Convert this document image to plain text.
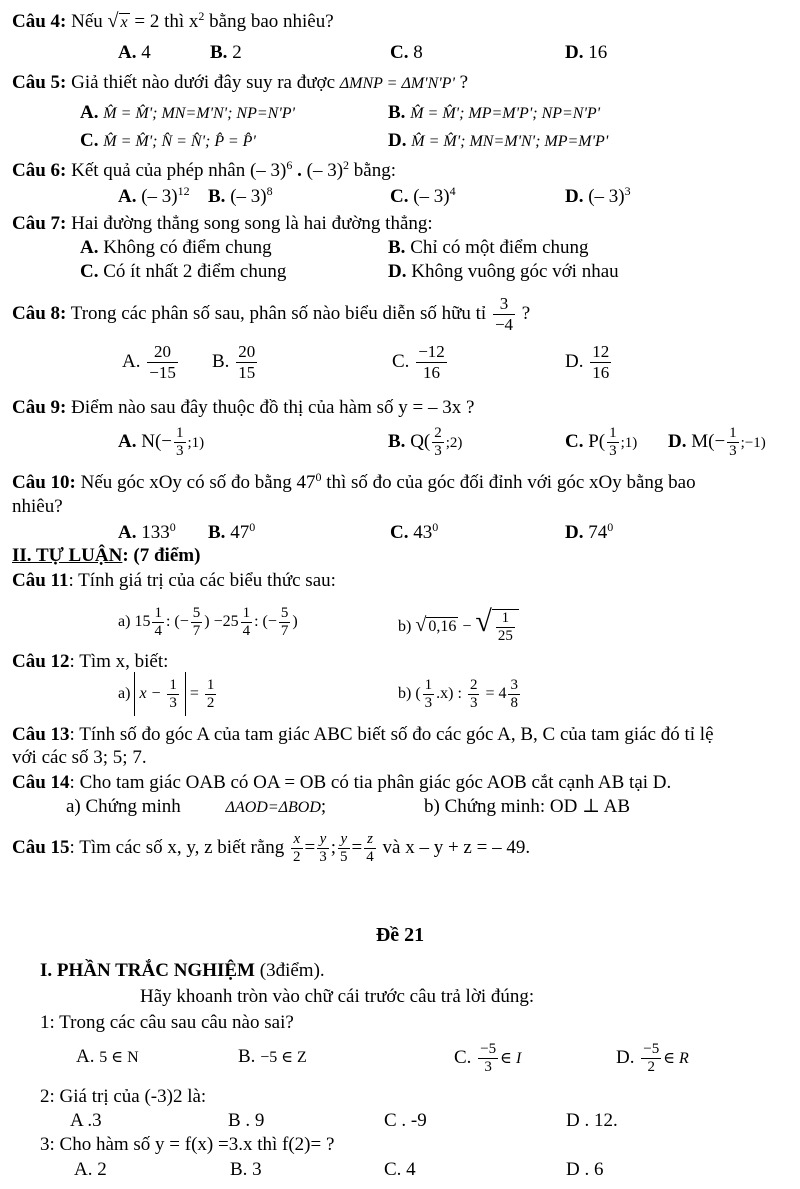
Câu 4: Nếu √ x = 2 thì $x^2$ bằng bao nhiêu?
A. 4	B. 2	C. 8	D. 16
Câu 5: Giả thiết nào dưới đây suy ra được ΔMNP = ΔM'N'P' ?
A. M̂ = M̂'; MN=M'N'; NP=N'P'	B. M̂ = M̂'; MP=M'P'; NP=N'P'
C. M̂ = M̂'; N̂ = N̂'; P̂ = P̂'	D. M̂ = M̂'; MN=M'N'; MP=M'P'
Câu 6: Kết quả của phép nhân (– 3)$^6$ . (– 3)$^2$ bằng:
A. (– 3)$^{12}$ B. (– 3)$^8$	C. (– 3)$^4$	D. (– 3)$^3$
Câu 7: Hai đường thẳng song song là hai đường thẳng:
A. Không có điểm chung	B. Chỉ có một điểm chung
C. Có ít nhất 2 điểm chung	D. Không vuông góc với nhau
Câu 8: Trong các phân số sau, phân số nào biểu diễn số hữu tỉ $\frac{3}{-4}$ ?
A. $\frac{20}{-15} B$. $\frac{20}{15}$	C. $\frac{-12}{16}$	D. $\frac{12}{16}$
Câu 9: Điểm nào sau đây thuộc đồ thị của hàm số y = – 3x ?
A. $N(- \frac{1}{3}$ ;1)	B. $Q( \frac{2}{3}$ ;2)	C. $P( \frac{1}{3}$ ;1) D. $M(- \frac{1}{3}$ ;−1)
Câu 10: Nếu góc xOy có số đo bằng $47^0$ thì số đo của góc đối đỉnh với góc xOy bằng bao
nhiêu?
A. $133^0$ B. $47^0$	C. $43^0$	D. $74^0$
II. TỰ LUẬN: (7 điểm)
Câu 11: Tính giá trị của các biểu thức sau:
a) $15 \frac{1}{4}$ : (− $\frac{5}{7}$ ) $-25 \frac{1}{4}$ : (− $\frac{5}{7}$ )	b) √ 0,16 − √ $\frac{1}{25}$
Câu 12: Tìm x, biết:
a) $x - \frac{1}{3} = \frac{1}{2}$	b) ( $\frac{1}{3} .x$) : $\frac{2}{3} = 4 \frac{3}{8}$
Câu 13: Tính số đo góc A của tam giác ABC biết số đo các góc A, B, C của tam giác đó tỉ lệ
với các số 3; 5; 7.
Câu 14: Cho tam giác OAB có OA = OB có tia phân giác góc AOB cắt cạnh AB tại D.
a) Chứng minh	ΔAOD=ΔBOD;	b) Chứng minh: OD ⊥ AB
Câu 15: Tìm các số x, y, z biết rằng $\frac{x}{2} = \frac{y}{3}$ ; $\frac{y}{5} = \frac{z}{4}$ và x – y + z = – 49.
Đề 21
I. PHẦN TRẮC NGHIỆM (3điểm).
Hãy khoanh tròn vào chữ cái trước câu trả lời đúng:
1: Trong các câu sau câu nào sai?
A. 5 ∈ N	B. −5 ∈ Z	C. $\frac{-5}{3}$ ∈ I	D. $\frac{-5}{2}$ ∈ R
2: Giá trị của (-3)2 là:
A .3	B . 9	C . -9	D . 12.
3: Cho hàm số y = f(x) =3.x thì f(2)= ?
A. 2	B. 3	C. 4	D . 6
